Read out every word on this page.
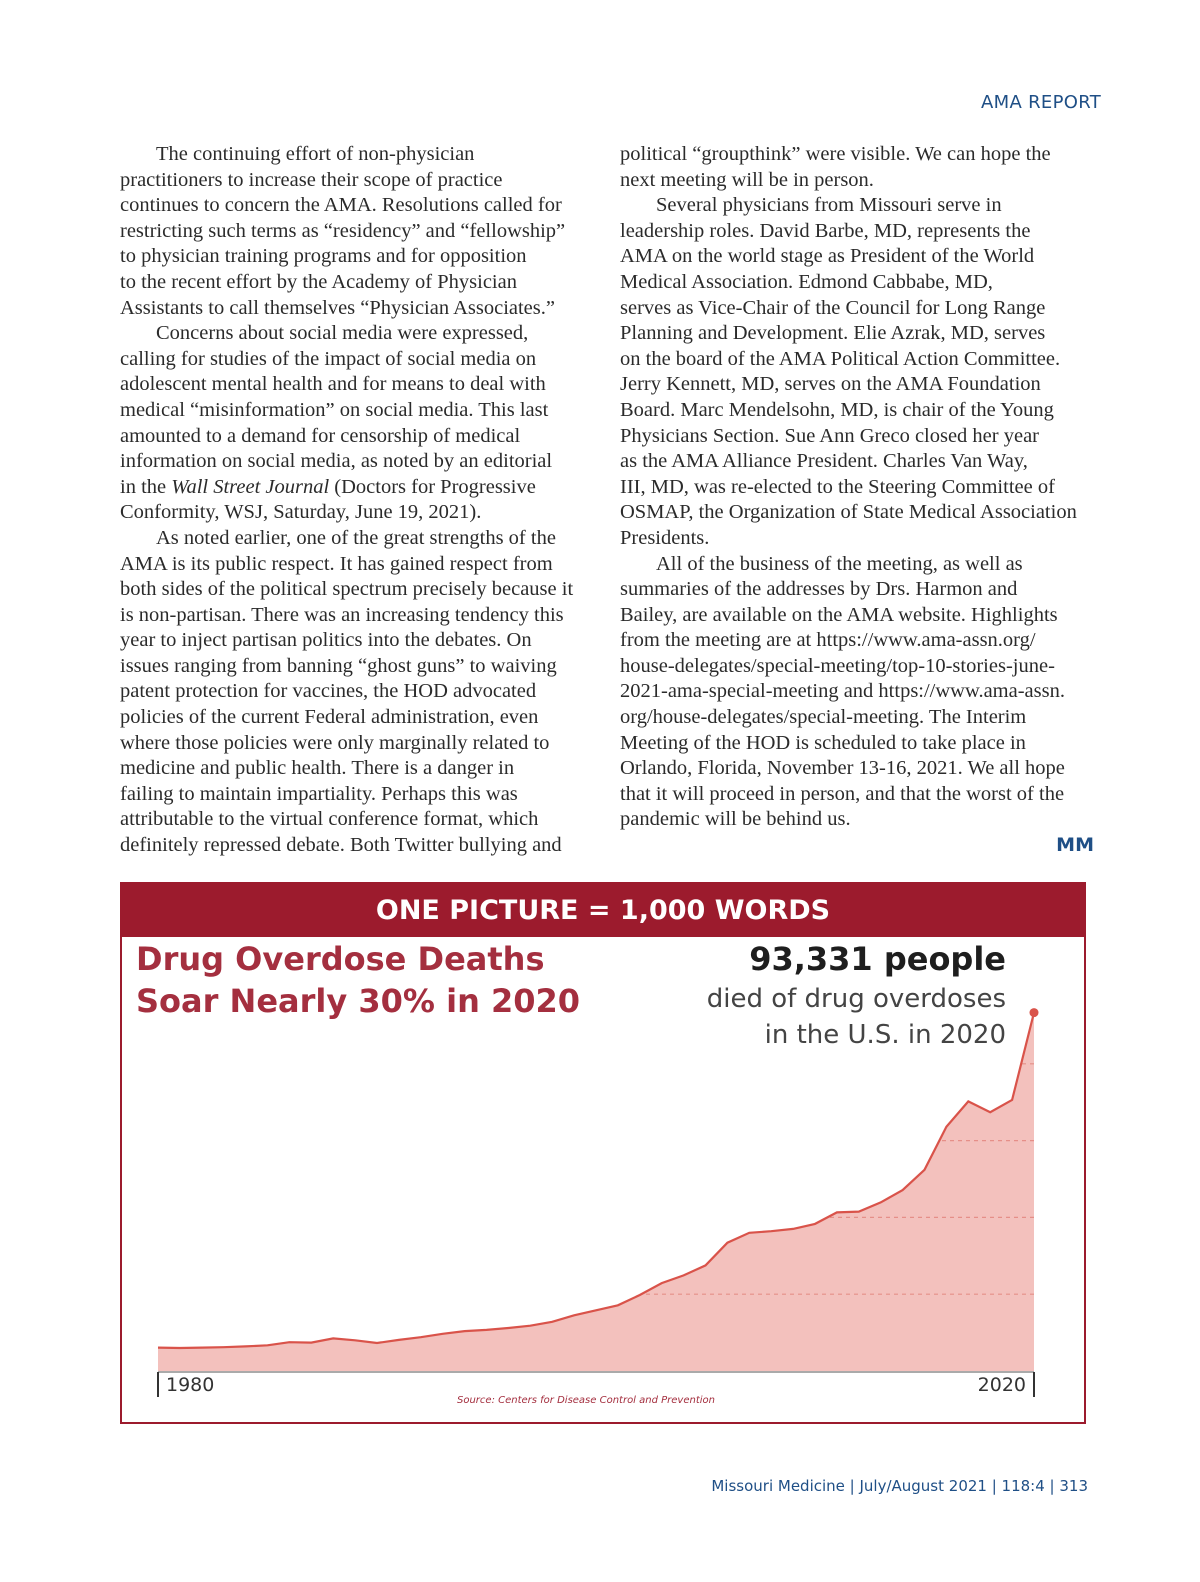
AMA REPORT
The continuing effort of non-physician
practitioners to increase their scope of practice
continues to concern the AMA. Resolutions called for
restricting such terms as “residency” and “fellowship”
to physician training programs and for opposition
to the recent effort by the Academy of Physician
Assistants to call themselves “Physician Associates.”
Concerns about social media were expressed,
calling for studies of the impact of social media on
adolescent mental health and for means to deal with
medical “misinformation” on social media. This last
amounted to a demand for censorship of medical
information on social media, as noted by an editorial
in the Wall Street Journal (Doctors for Progressive
Conformity, WSJ, Saturday, June 19, 2021).
As noted earlier, one of the great strengths of the
AMA is its public respect. It has gained respect from
both sides of the political spectrum precisely because it
is non-partisan. There was an increasing tendency this
year to inject partisan politics into the debates. On
issues ranging from banning “ghost guns” to waiving
patent protection for vaccines, the HOD advocated
policies of the current Federal administration, even
where those policies were only marginally related to
medicine and public health. There is a danger in
failing to maintain impartiality. Perhaps this was
attributable to the virtual conference format, which
definitely repressed debate. Both Twitter bullying and
political “groupthink” were visible. We can hope the
next meeting will be in person.
Several physicians from Missouri serve in
leadership roles. David Barbe, MD, represents the
AMA on the world stage as President of the World
Medical Association. Edmond Cabbabe, MD,
serves as Vice-Chair of the Council for Long Range
Planning and Development. Elie Azrak, MD, serves
on the board of the AMA Political Action Committee.
Jerry Kennett, MD, serves on the AMA Foundation
Board. Marc Mendelsohn, MD, is chair of the Young
Physicians Section. Sue Ann Greco closed her year
as the AMA Alliance President. Charles Van Way,
III, MD, was re-elected to the Steering Committee of
OSMAP, the Organization of State Medical Association
Presidents.
All of the business of the meeting, as well as
summaries of the addresses by Drs. Harmon and
Bailey, are available on the AMA website. Highlights
from the meeting are at https://www.ama-assn.org/
house-delegates/special-meeting/top-10-stories-june-
2021-ama-special-meeting and https://www.ama-assn.
org/house-delegates/special-meeting. The Interim
Meeting of the HOD is scheduled to take place in
Orlando, Florida, November 13-16, 2021. We all hope
that it will proceed in person, and that the worst of the
pandemic will be behind us.
MM
ONE PICTURE = 1,000 WORDS
Drug Overdose Deaths
Soar Nearly 30% in 2020
93,331 people
died of drug overdoses
in the U.S. in 2020
1980	2020
Source: Centers for Disease Control and Prevention
Missouri Medicine | July/August 2021 | 118:4 | 313
